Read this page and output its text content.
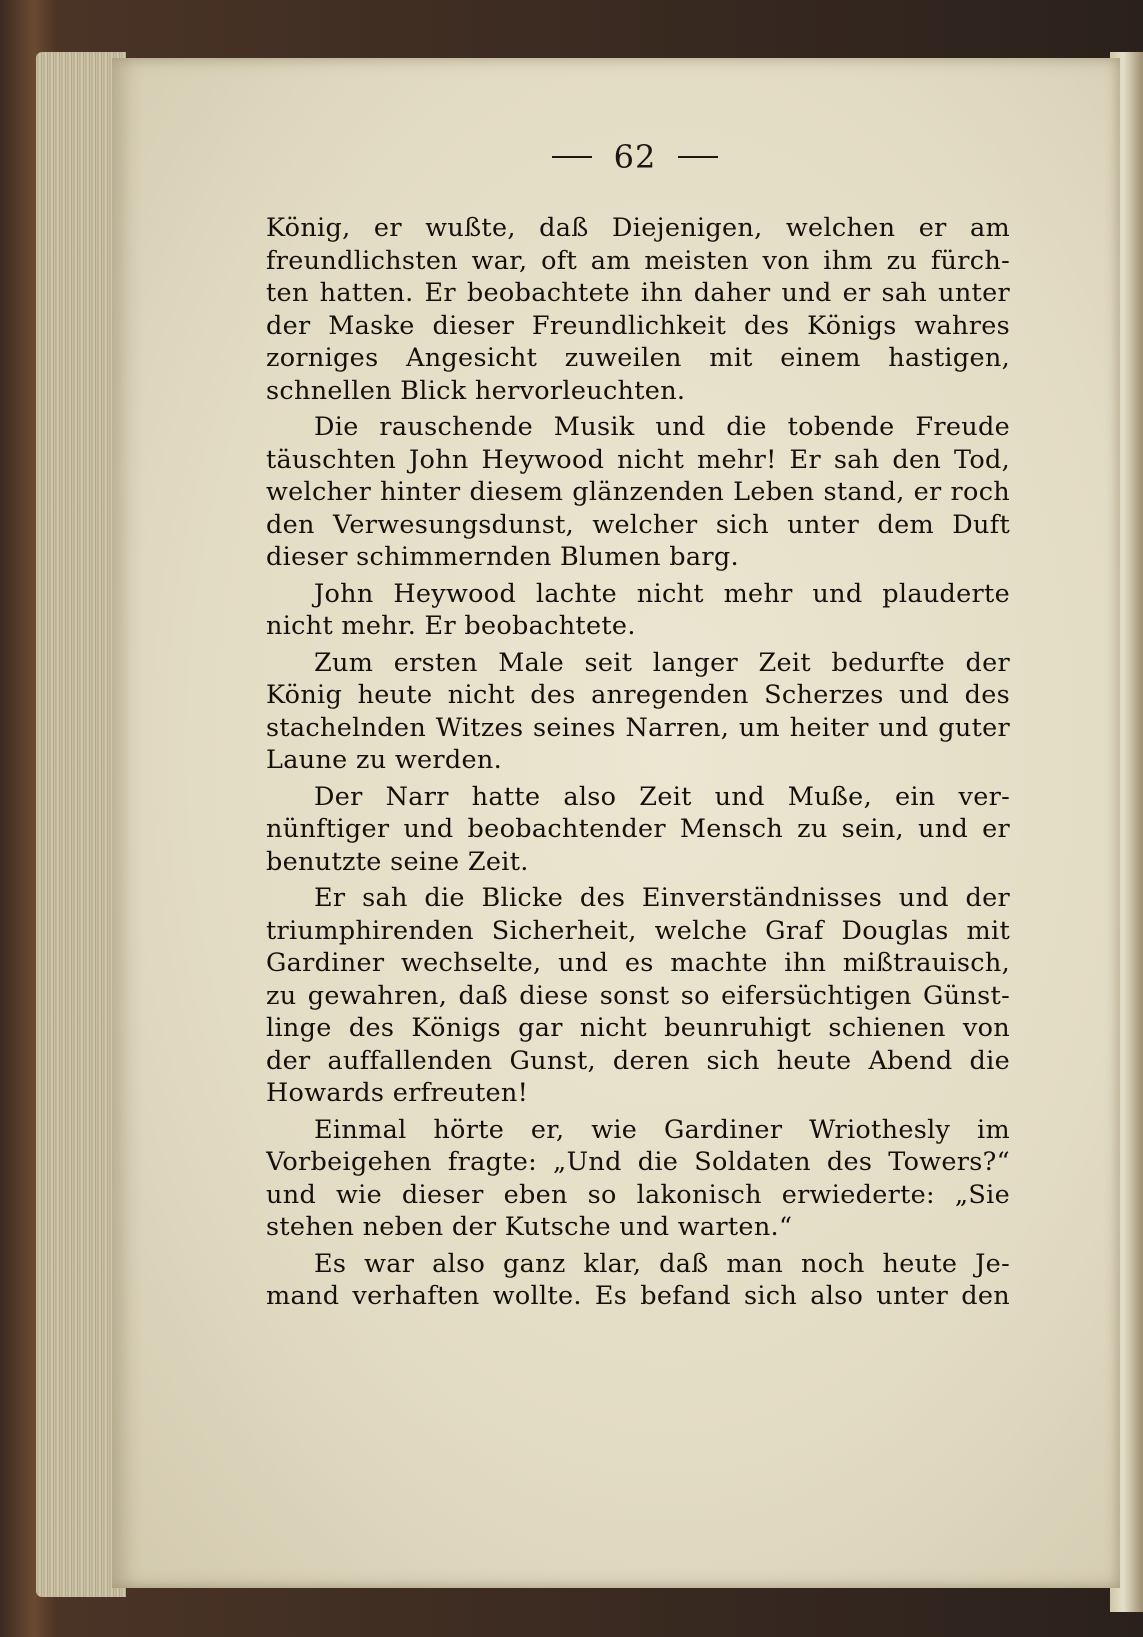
62
König, er wußte, daß Diejenigen, welchen er am
freundlichsten war, oft am meisten von ihm zu fürch-
ten hatten. Er beobachtete ihn daher und er sah unter
der Maske dieser Freundlichkeit des Königs wahres
zorniges Angesicht zuweilen mit einem hastigen,
schnellen Blick hervorleuchten.
Die rauschende Musik und die tobende Freude
täuschten John Heywood nicht mehr! Er sah den Tod,
welcher hinter diesem glänzenden Leben stand, er roch
den Verwesungsdunst, welcher sich unter dem Duft
dieser schimmernden Blumen barg.
John Heywood lachte nicht mehr und plauderte
nicht mehr. Er beobachtete.
Zum ersten Male seit langer Zeit bedurfte der
König heute nicht des anregenden Scherzes und des
stachelnden Witzes seines Narren, um heiter und guter
Laune zu werden.
Der Narr hatte also Zeit und Muße, ein ver-
nünftiger und beobachtender Mensch zu sein, und er
benutzte seine Zeit.
Er sah die Blicke des Einverständnisses und der
triumphirenden Sicherheit, welche Graf Douglas mit
Gardiner wechselte, und es machte ihn mißtrauisch,
zu gewahren, daß diese sonst so eifersüchtigen Günst-
linge des Königs gar nicht beunruhigt schienen von
der auffallenden Gunst, deren sich heute Abend die
Howards erfreuten!
Einmal hörte er, wie Gardiner Wriothesly im
Vorbeigehen fragte: „Und die Soldaten des Towers?“
und wie dieser eben so lakonisch erwiederte: „Sie
stehen neben der Kutsche und warten.“
Es war also ganz klar, daß man noch heute Je-
mand verhaften wollte. Es befand sich also unter den
